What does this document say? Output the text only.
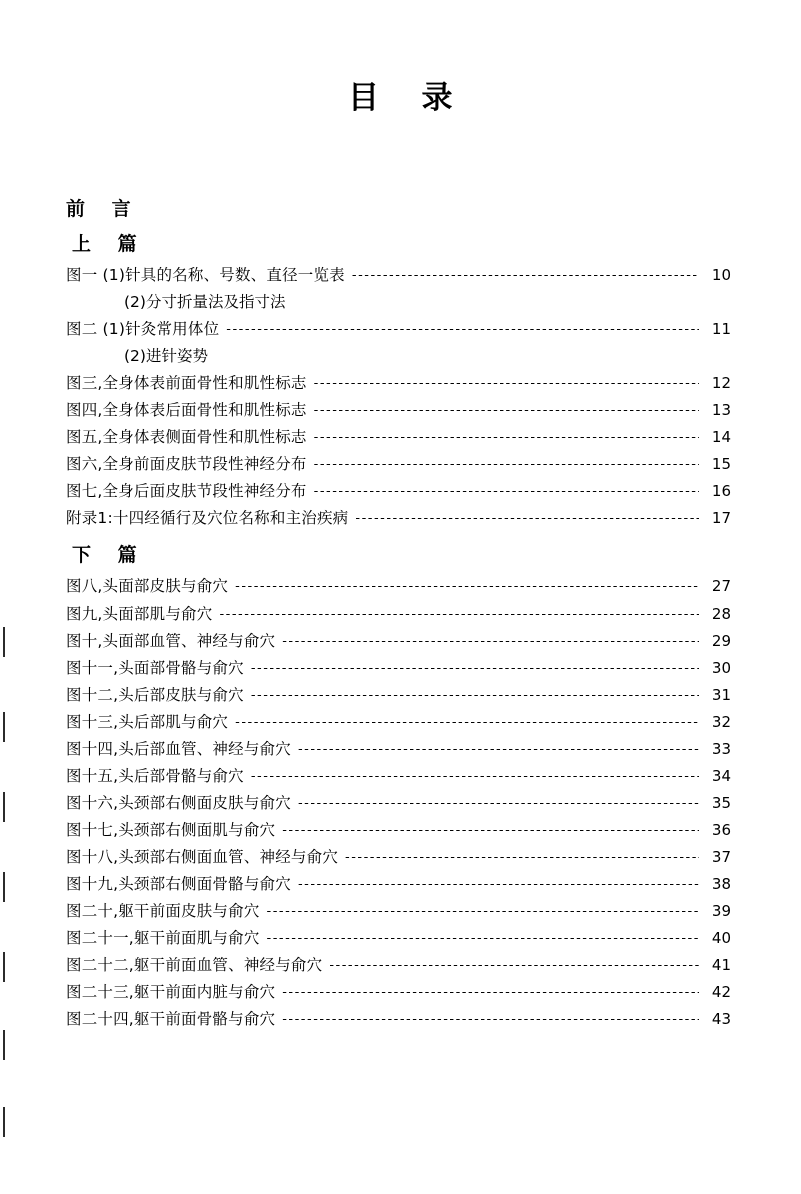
目 录
前 言
上 篇
图一 (1)针具的名称、号数、直径一览表 -----	10
(2)分寸折量法及指寸法
图二 (1)针灸常用体位 -----	11
(2)进针姿势
图三,全身体表前面骨性和肌性标志 -----	12
图四,全身体表后面骨性和肌性标志 -----	13
图五,全身体表侧面骨性和肌性标志 -----	14
图六,全身前面皮肤节段性神经分布 -----	15
图七,全身后面皮肤节段性神经分布 -----	16
附录1:十四经循行及穴位名称和主治疾病 -----	17
下 篇
图八,头面部皮肤与俞穴 -----	27
图九,头面部肌与俞穴 -----	28
图十,头面部血管、神经与俞穴 -----	29
图十一,头面部骨骼与俞穴 -----	30
图十二,头后部皮肤与俞穴 -----	31
图十三,头后部肌与俞穴 -----	32
图十四,头后部血管、神经与俞穴 -----	33
图十五,头后部骨骼与俞穴 -----	34
图十六,头颈部右侧面皮肤与俞穴 -----	35
图十七,头颈部右侧面肌与俞穴 -----	36
图十八,头颈部右侧面血管、神经与俞穴 -----	37
图十九,头颈部右侧面骨骼与俞穴 -----	38
图二十,躯干前面皮肤与俞穴 -----	39
图二十一,躯干前面肌与俞穴 -----	40
图二十二,躯干前面血管、神经与俞穴 -----	41
图二十三,躯干前面内脏与俞穴 -----	42
图二十四,躯干前面骨骼与俞穴 -----	43
